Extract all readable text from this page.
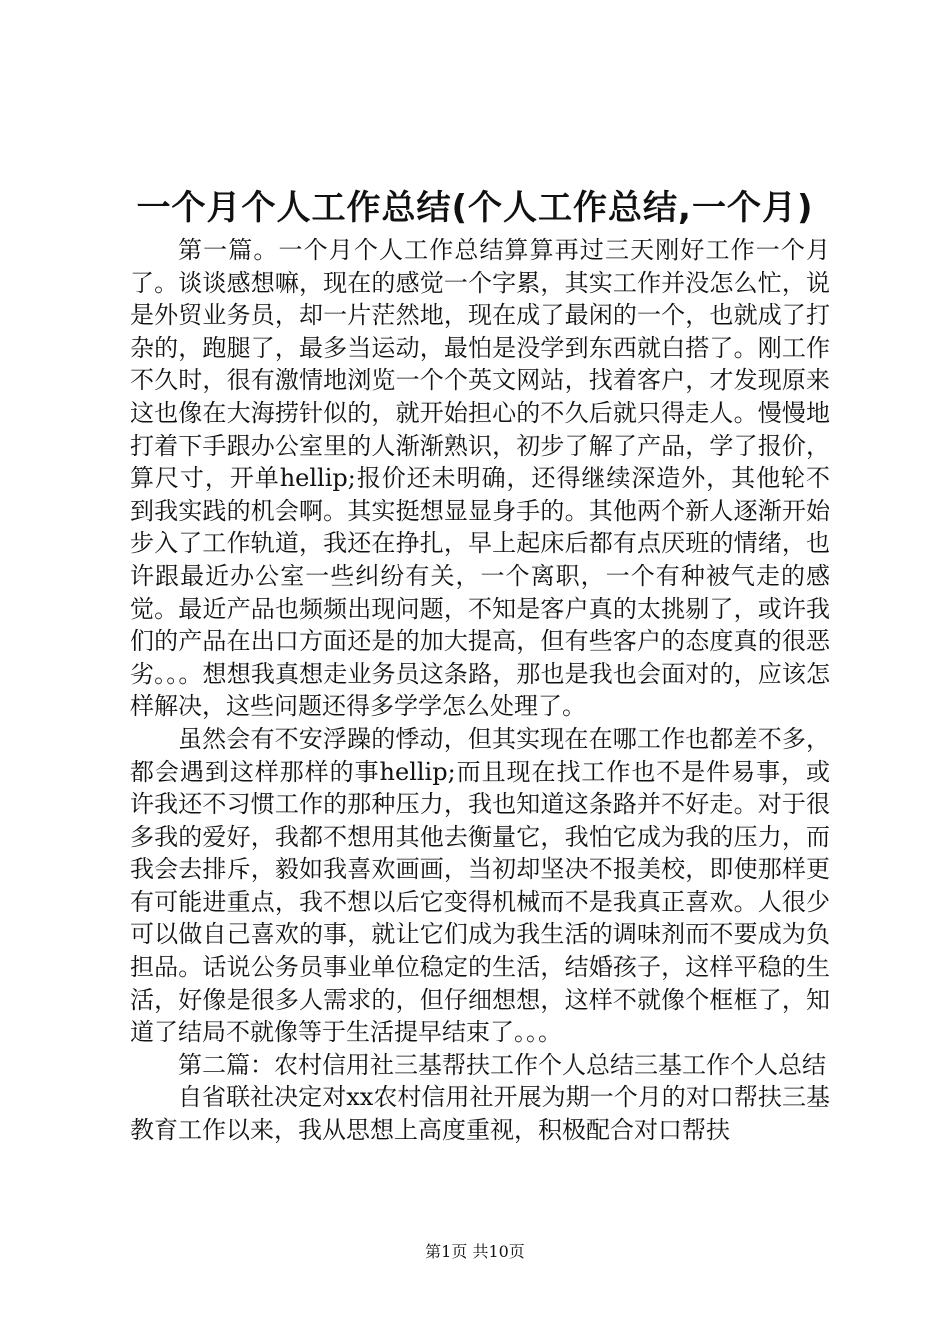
一个月个人工作总结(个人工作总结,一个月)

第一篇。一个月个人工作总结算算再过三天刚好工作一个月了。谈谈感想嘛，现在的感觉一个字累，其实工作并没怎么忙，说是外贸业务员，却一片茫然地，现在成了最闲的一个，也就成了打杂的，跑腿了，最多当运动，最怕是没学到东西就白搭了。刚工作不久时，很有激情地浏览一个个英文网站，找着客户，才发现原来这也像在大海捞针似的，就开始担心的不久后就只得走人。慢慢地打着下手跟办公室里的人渐渐熟识，初步了解了产品，学了报价，算尺寸，开单hellip;报价还未明确，还得继续深造外，其他轮不到我实践的机会啊。其实挺想显显身手的。其他两个新人逐渐开始步入了工作轨道，我还在挣扎，早上起床后都有点厌班的情绪，也许跟最近办公室一些纠纷有关，一个离职，一个有种被气走的感觉。最近产品也频频出现问题，不知是客户真的太挑剔了，或许我们的产品在出口方面还是的加大提高，但有些客户的态度真的很恶劣。。。想想我真想走业务员这条路，那也是我也会面对的，应该怎样解决，这些问题还得多学学怎么处理了。

虽然会有不安浮躁的悸动，但其实现在在哪工作也都差不多，都会遇到这样那样的事hellip;而且现在找工作也不是件易事，或许我还不习惯工作的那种压力，我也知道这条路并不好走。对于很多我的爱好，我都不想用其他去衡量它，我怕它成为我的压力，而我会去排斥，毅如我喜欢画画，当初却坚决不报美校，即使那样更有可能进重点，我不想以后它变得机械而不是我真正喜欢。人很少可以做自己喜欢的事，就让它们成为我生活的调味剂而不要成为负担品。话说公务员事业单位稳定的生活，结婚孩子，这样平稳的生活，好像是很多人需求的，但仔细想想，这样不就像个框框了，知道了结局不就像等于生活提早结束了。。。

第二篇：农村信用社三基帮扶工作个人总结三基工作个人总结

自省联社决定对xx农村信用社开展为期一个月的对口帮扶三基教育工作以来，我从思想上高度重视，积极配合对口帮扶

第1页 共10页
